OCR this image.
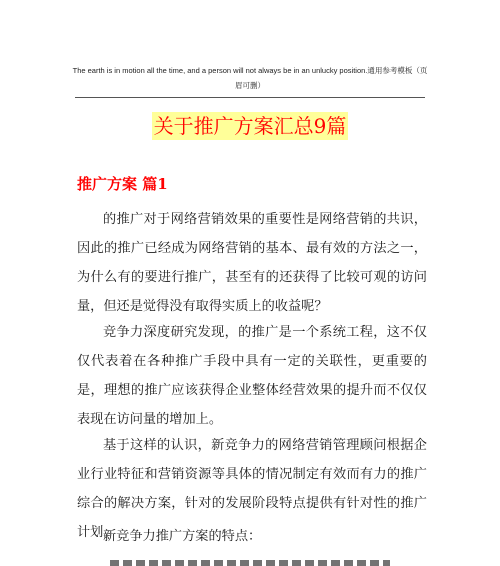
The earth is in motion all the time, and a person will not always be in an unlucky position.通用参考模板（页眉可删）
关于推广方案汇总9篇
推广方案 篇1

的推广对于网络营销效果的重要性是网络营销的共识，因此的推广已经成为网络营销的基本、最有效的方法之一，为什么有的要进行推广，甚至有的还获得了比较可观的访问量，但还是觉得没有取得实质上的收益呢？

竞争力深度研究发现，的推广是一个系统工程，这不仅仅代表着在各种推广手段中具有一定的关联性，更重要的是，理想的推广应该获得企业整体经营效果的提升而不仅仅表现在访问量的增加上。

基于这样的认识，新竞争力的网络营销管理顾问根据企业行业特征和营销资源等具体的情况制定有效而有力的推广综合的解决方案，针对的发展阶段特点提供有针对性的推广计划。

新竞争力推广方案的特点：
